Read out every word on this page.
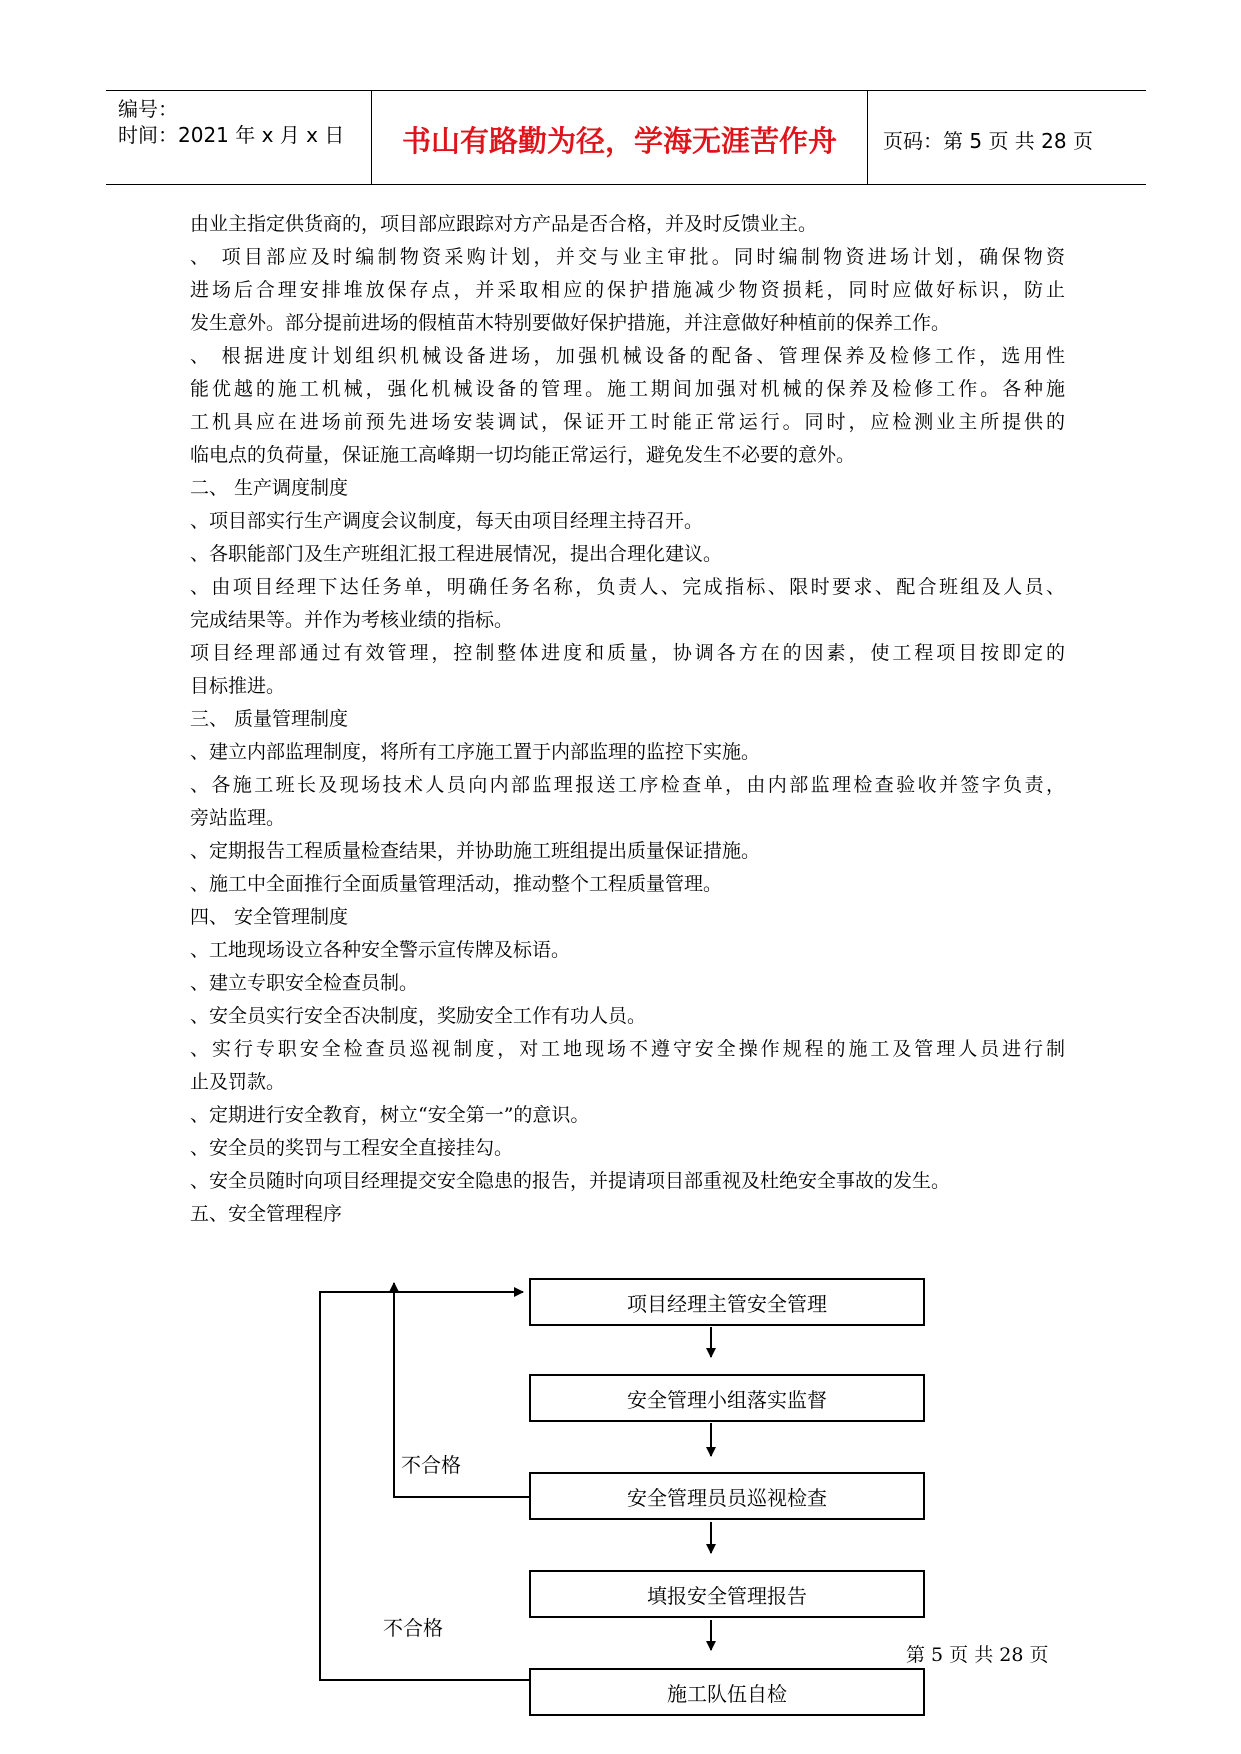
编号：
时间：2021 年 x 月 x 日	书山有路勤为径，学海无涯苦作舟	页码：第 5 页 共 28 页
由业主指定供货商的，项目部应跟踪对方产品是否合格，并及时反馈业主。
、 项目部应及时编制物资采购计划，并交与业主审批。同时编制物资进场计划，确保物资
进场后合理安排堆放保存点，并采取相应的保护措施减少物资损耗，同时应做好标识，防止
发生意外。部分提前进场的假植苗木特别要做好保护措施，并注意做好种植前的保养工作。
、 根据进度计划组织机械设备进场，加强机械设备的配备、管理保养及检修工作，选用性
能优越的施工机械，强化机械设备的管理。施工期间加强对机械的保养及检修工作。各种施
工机具应在进场前预先进场安装调试，保证开工时能正常运行。同时，应检测业主所提供的
临电点的负荷量，保证施工高峰期一切均能正常运行，避免发生不必要的意外。
二、 生产调度制度
、项目部实行生产调度会议制度，每天由项目经理主持召开。
、各职能部门及生产班组汇报工程进展情况，提出合理化建议。
、由项目经理下达任务单，明确任务名称，负责人、完成指标、限时要求、配合班组及人员、
完成结果等。并作为考核业绩的指标。
项目经理部通过有效管理，控制整体进度和质量，协调各方在的因素，使工程项目按即定的
目标推进。
三、 质量管理制度
、建立内部监理制度，将所有工序施工置于内部监理的监控下实施。
、各施工班长及现场技术人员向内部监理报送工序检查单，由内部监理检查验收并签字负责，
旁站监理。
、定期报告工程质量检查结果，并协助施工班组提出质量保证措施。
、施工中全面推行全面质量管理活动，推动整个工程质量管理。
四、 安全管理制度
、工地现场设立各种安全警示宣传牌及标语。
、建立专职安全检查员制。
、安全员实行安全否决制度，奖励安全工作有功人员。
、实行专职安全检查员巡视制度，对工地现场不遵守安全操作规程的施工及管理人员进行制
止及罚款。
、定期进行安全教育，树立“安全第一”的意识。
、安全员的奖罚与工程安全直接挂勾。
、安全员随时向项目经理提交安全隐患的报告，并提请项目部重视及杜绝安全事故的发生。
五、安全管理程序
项目经理主管安全管理
安全管理小组落实监督
安全管理员员巡视检查
填报安全管理报告
施工队伍自检
不合格
不合格
第 5 页 共 28 页
